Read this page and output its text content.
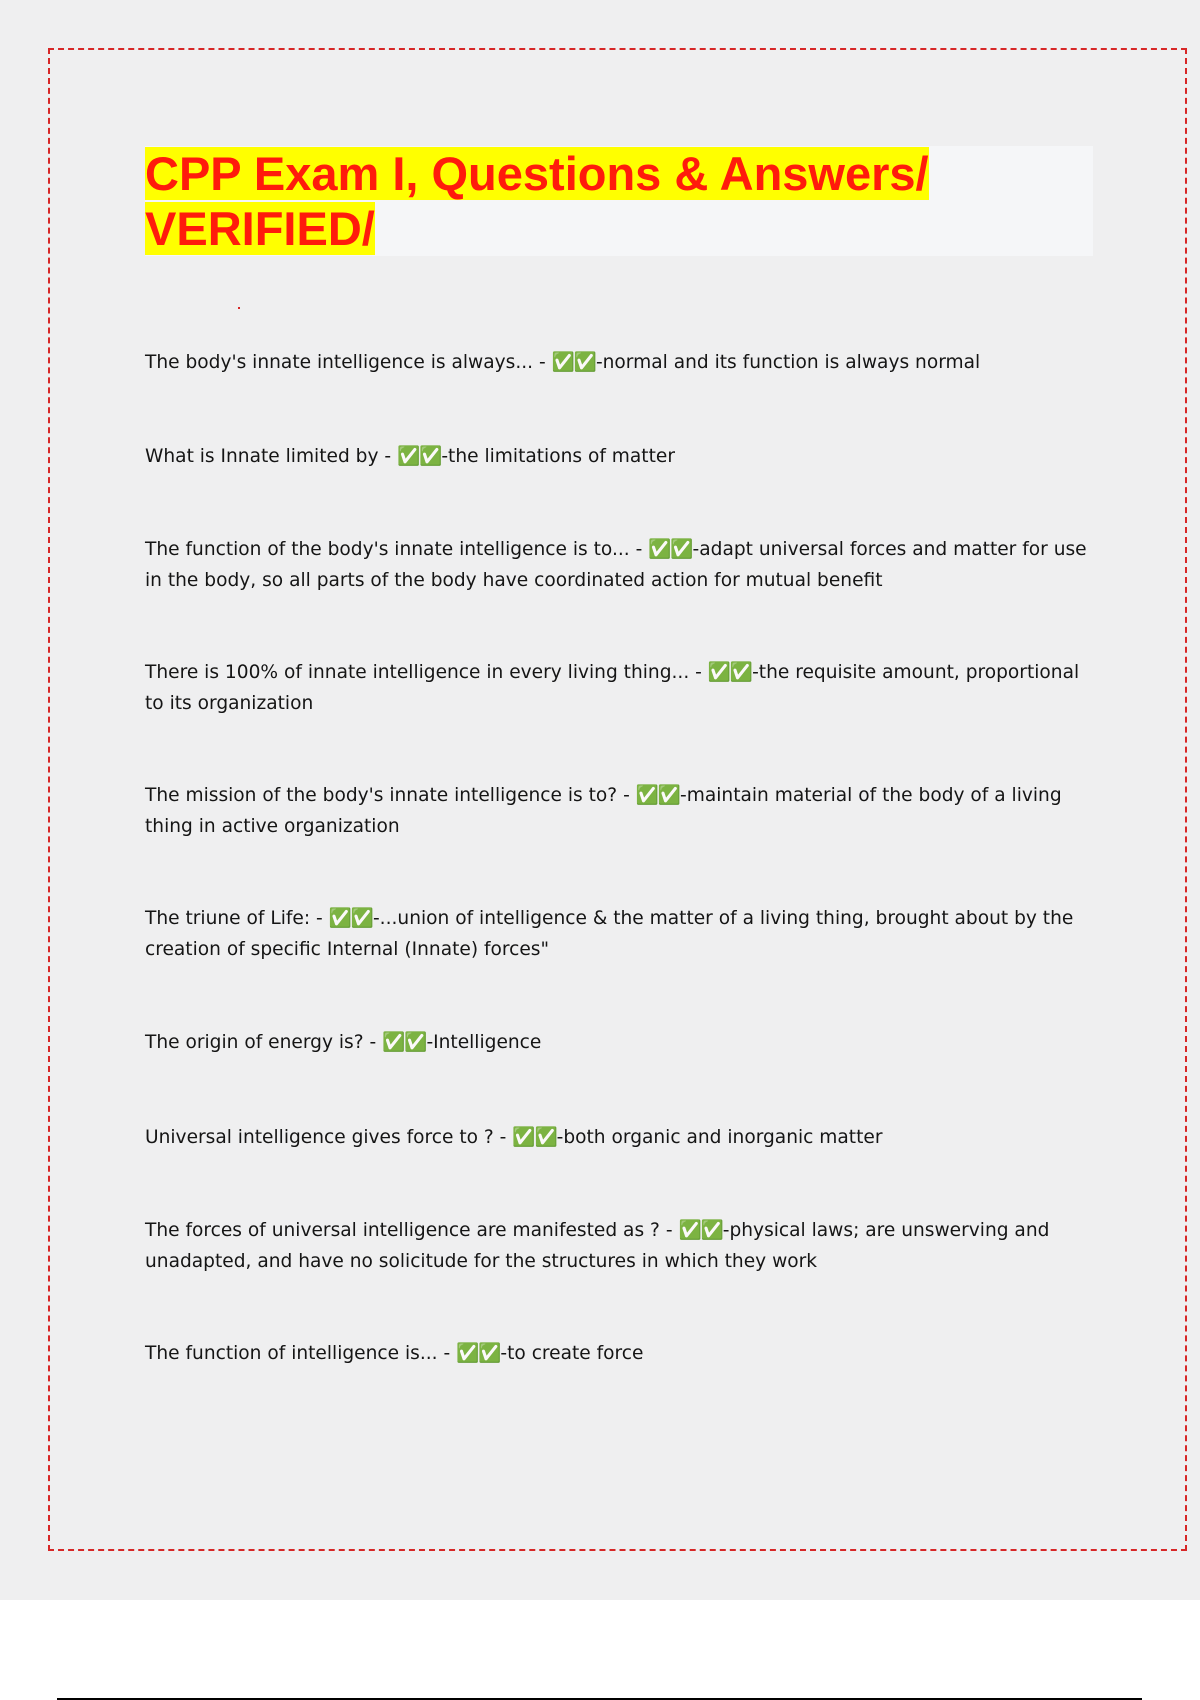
CPP Exam I, Questions & Answers/
VERIFIED/

The body's innate intelligence is always... - ✅✅-normal and its function is always normal

What is Innate limited by - ✅✅-the limitations of matter

The function of the body's innate intelligence is to... - ✅✅-adapt universal forces and matter for use in the body, so all parts of the body have coordinated action for mutual benefit

There is 100% of innate intelligence in every living thing... - ✅✅-the requisite amount, proportional to its organization

The mission of the body's innate intelligence is to? - ✅✅-maintain material of the body of a living thing in active organization

The triune of Life: - ✅✅-...union of intelligence & the matter of a living thing, brought about by the creation of specific Internal (Innate) forces"

The origin of energy is? - ✅✅-Intelligence

Universal intelligence gives force to ? - ✅✅-both organic and inorganic matter

The forces of universal intelligence are manifested as ? - ✅✅-physical laws; are unswerving and unadapted, and have no solicitude for the structures in which they work

The function of intelligence is... - ✅✅-to create force
